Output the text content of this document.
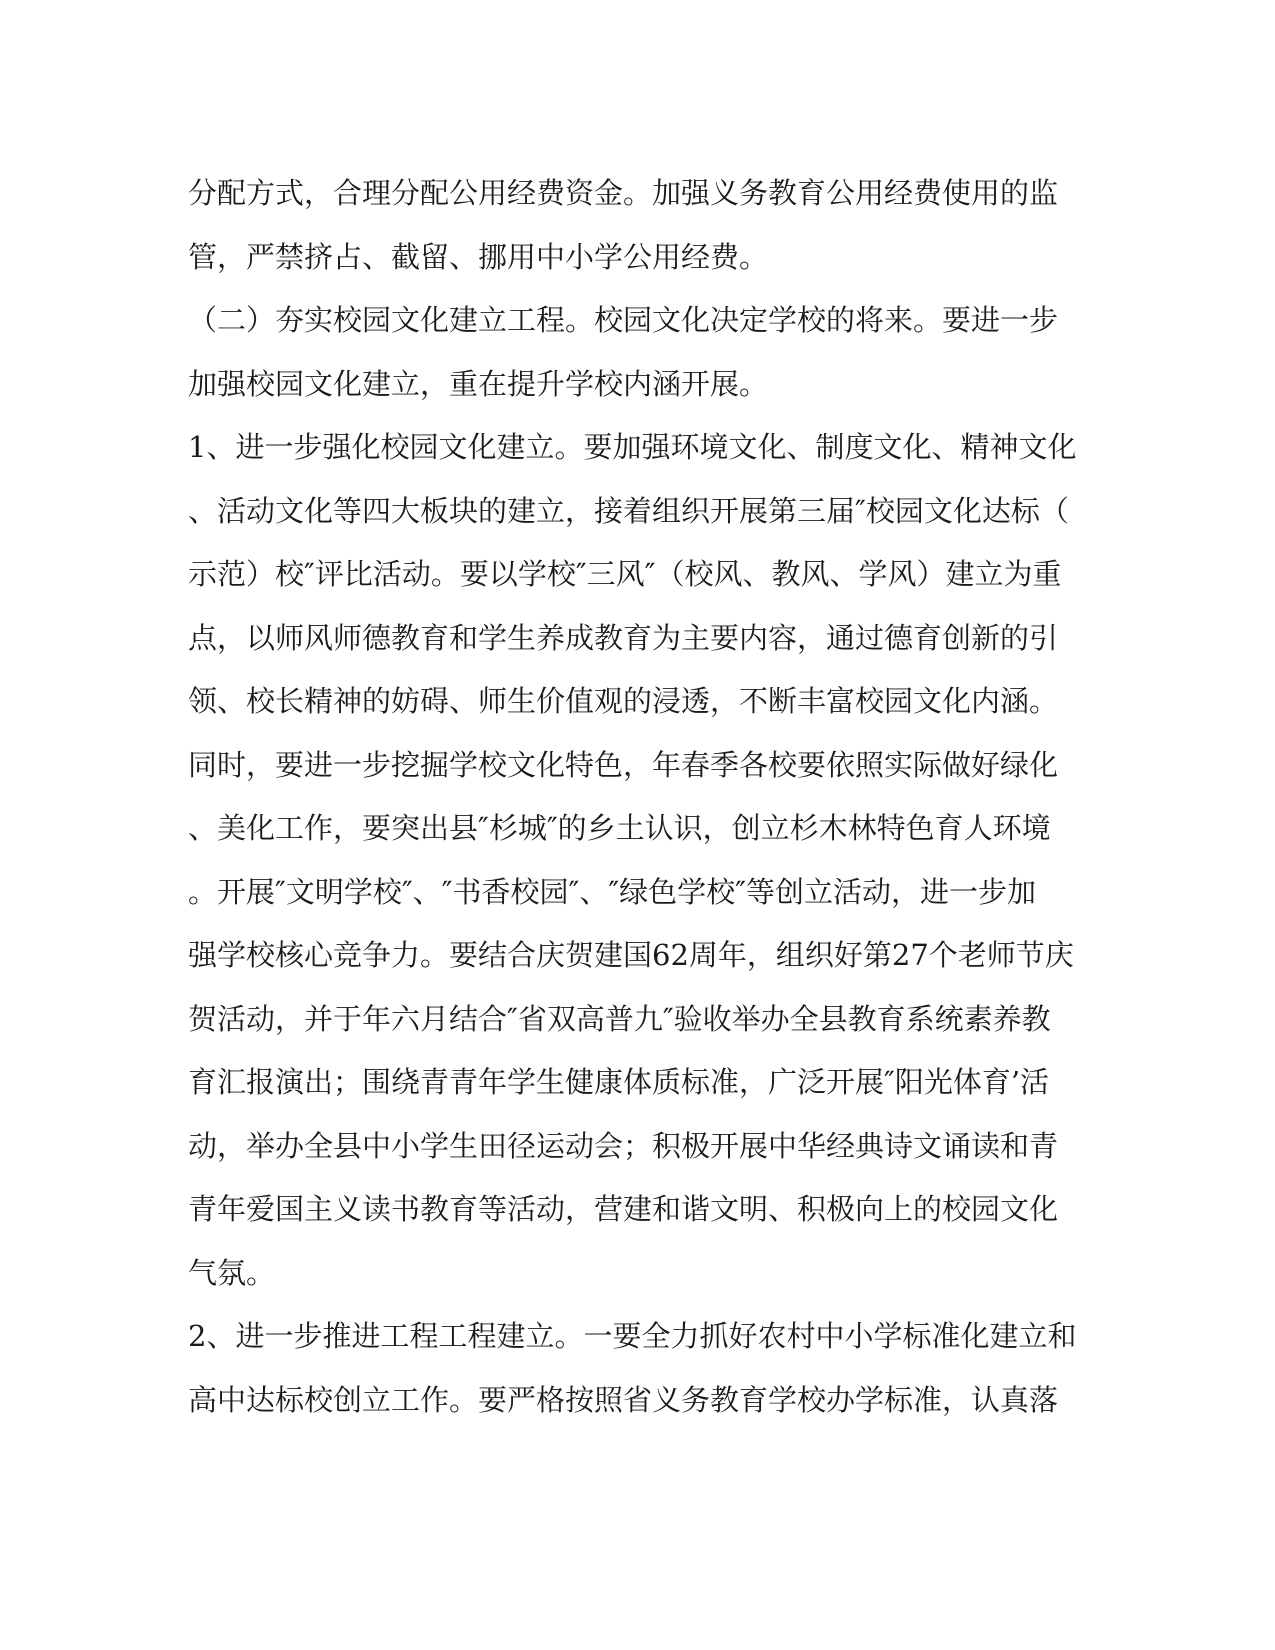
分配方式，合理分配公用经费资金。加强义务教育公用经费使用的监
管，严禁挤占、截留、挪用中小学公用经费。
（二）夯实校园文化建立工程。校园文化决定学校的将来。要进一步
加强校园文化建立，重在提升学校内涵开展。
1、进一步强化校园文化建立。要加强环境文化、制度文化、精神文化
、活动文化等四大板块的建立，接着组织开展第三届″校园文化达标（
示范）校″评比活动。要以学校″三风″（校风、教风、学风）建立为重
点，以师风师德教育和学生养成教育为主要内容，通过德育创新的引
领、校长精神的妨碍、师生价值观的浸透，不断丰富校园文化内涵。
同时，要进一步挖掘学校文化特色，年春季各校要依照实际做好绿化
、美化工作，要突出县″杉城″的乡土认识，创立杉木林特色育人环境
。开展″文明学校″、″书香校园″、″绿色学校″等创立活动，进一步加
强学校核心竞争力。要结合庆贺建国62周年，组织好第27个老师节庆
贺活动，并于年六月结合″省双高普九″验收举办全县教育系统素养教
育汇报演出；围绕青青年学生健康体质标准，广泛开展″阳光体育’活
动，举办全县中小学生田径运动会；积极开展中华经典诗文诵读和青
青年爱国主义读书教育等活动，营建和谐文明、积极向上的校园文化
气氛。
2、进一步推进工程工程建立。一要全力抓好农村中小学标准化建立和
高中达标校创立工作。要严格按照省义务教育学校办学标准，认真落
